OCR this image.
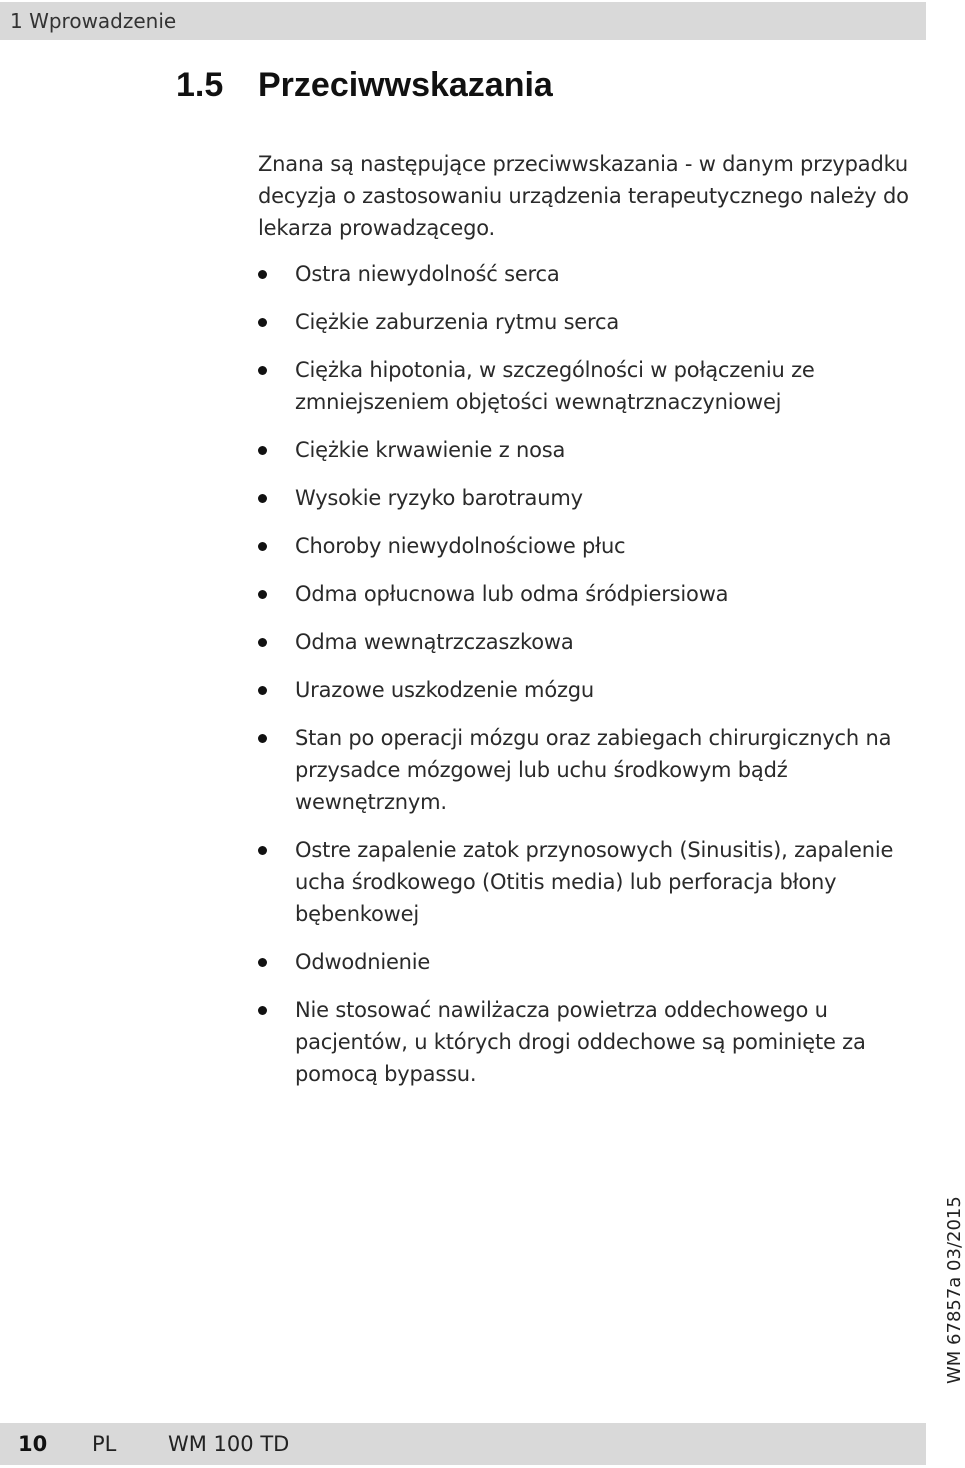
1 Wprowadzenie
1.5 Przeciwwskazania
Znana są następujące przeciwwskazania - w danym przypadku decyzja o zastosowaniu urządzenia terapeutycznego należy do lekarza prowadzącego.
Ostra niewydolność serca
Ciężkie zaburzenia rytmu serca
Ciężka hipotonia, w szczególności w połączeniu ze zmniejszeniem objętości wewnątrznaczyniowej
Ciężkie krwawienie z nosa
Wysokie ryzyko barotraumy
Choroby niewydolnościowe płuc
Odma opłucnowa lub odma śródpiersiowa
Odma wewnątrzczaszkowa
Urazowe uszkodzenie mózgu
Stan po operacji mózgu oraz zabiegach chirurgicznych na przysadce mózgowej lub uchu środkowym bądź wewnętrznym.
Ostre zapalenie zatok przynosowych (Sinusitis), zapalenie ucha środkowego (Otitis media) lub perforacja błony bębenkowej
Odwodnienie
Nie stosować nawilżacza powietrza oddechowego u pacjentów, u których drogi oddechowe są pominięte za pomocą bypassu.
WM 67857a 03/2015
10 PL WM 100 TD
